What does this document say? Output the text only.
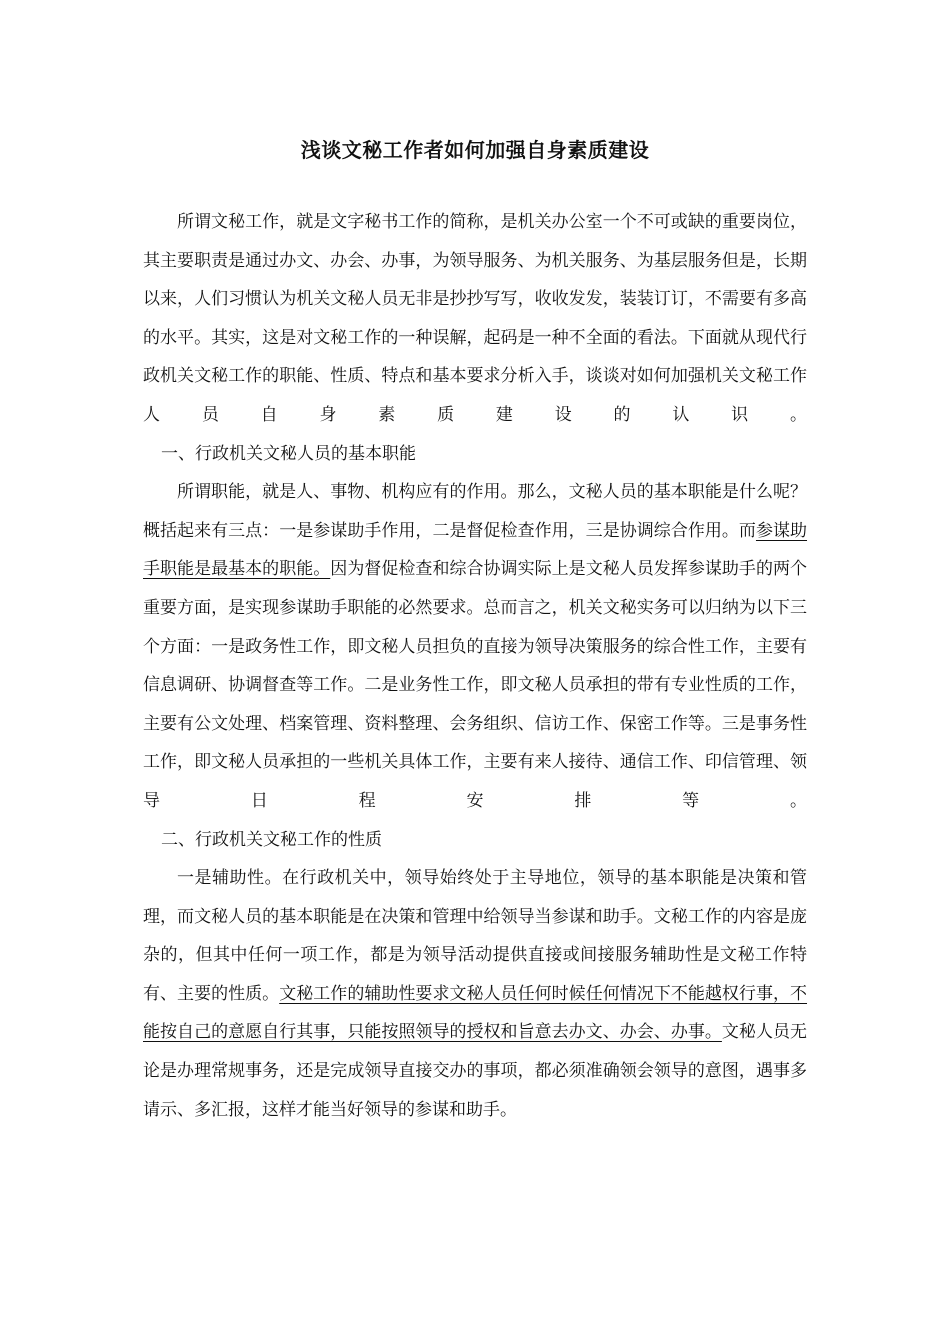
浅谈文秘工作者如何加强自身素质建设

所谓文秘工作，就是文字秘书工作的简称，是机关办公室一个不可或缺的重要岗位，其主要职责是通过办文、办会、办事，为领导服务、为机关服务、为基层服务但是，长期以来，人们习惯认为机关文秘人员无非是抄抄写写，收收发发，装装订订，不需要有多高的水平。其实，这是对文秘工作的一种误解，起码是一种不全面的看法。下面就从现代行政机关文秘工作的职能、性质、特点和基本要求分析入手，谈谈对如何加强机关文秘工作人员自身素质建设的认识。

一、行政机关文秘人员的基本职能

所谓职能，就是人、事物、机构应有的作用。那么，文秘人员的基本职能是什么呢？概括起来有三点：一是参谋助手作用，二是督促检查作用，三是协调综合作用。而参谋助手职能是最基本的职能。因为督促检查和综合协调实际上是文秘人员发挥参谋助手的两个重要方面，是实现参谋助手职能的必然要求。总而言之，机关文秘实务可以归纳为以下三个方面：一是政务性工作，即文秘人员担负的直接为领导决策服务的综合性工作，主要有信息调研、协调督查等工作。二是业务性工作，即文秘人员承担的带有专业性质的工作，主要有公文处理、档案管理、资料整理、会务组织、信访工作、保密工作等。三是事务性工作，即文秘人员承担的一些机关具体工作，主要有来人接待、通信工作、印信管理、领导日程安排等。

二、行政机关文秘工作的性质

一是辅助性。在行政机关中，领导始终处于主导地位，领导的基本职能是决策和管理，而文秘人员的基本职能是在决策和管理中给领导当参谋和助手。文秘工作的内容是庞杂的，但其中任何一项工作，都是为领导活动提供直接或间接服务辅助性是文秘工作特有、主要的性质。文秘工作的辅助性要求文秘人员任何时候任何情况下不能越权行事，不能按自己的意愿自行其事，只能按照领导的授权和旨意去办文、办会、办事。文秘人员无论是办理常规事务，还是完成领导直接交办的事项，都必须准确领会领导的意图，遇事多请示、多汇报，这样才能当好领导的参谋和助手。
